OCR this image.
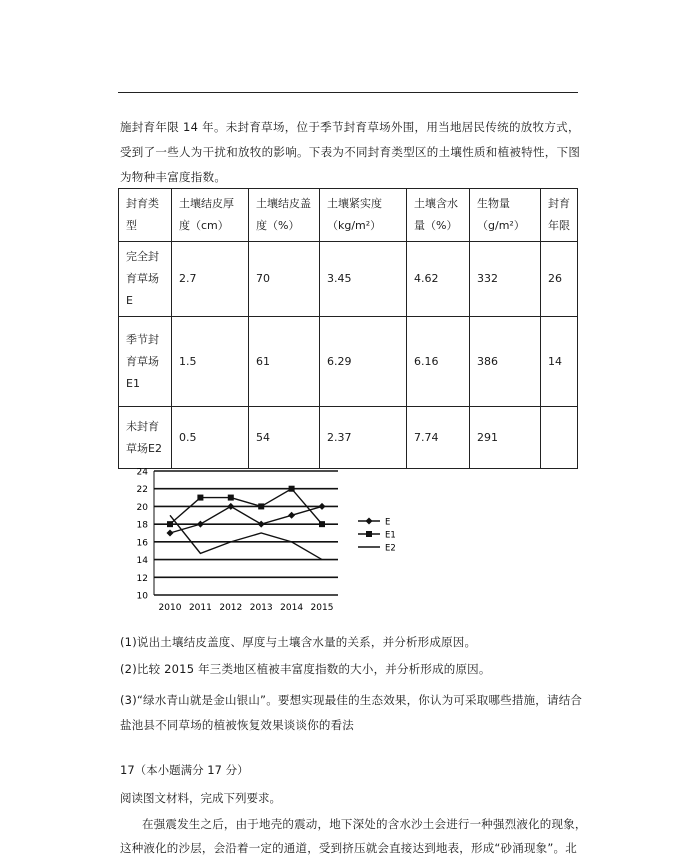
施封育年限 14 年。未封育草场，位于季节封育草场外围，用当地居民传统的放牧方式，受到了一些人为干扰和放牧的影响。下表为不同封育类型区的土壤性质和植被特性，下图为物种丰富度指数。
封育类型	土壤结皮厚度（cm）	土壤结皮盖度（%）	土壤紧实度（kg/m²）	土壤含水量（%）	生物量（g/m²）	封育年限
完全封育草场E	2.7	70	3.45	4.62	332	26
季节封育草场E1	1.5	61	6.29	6.16	386	14
未封育草场E2	0.5	54	2.37	7.74	291	
10
12
14
16
18
20
22
24
2010 2011 2012 2013 2014 2015
E
E1
E2
(1)说出土壤结皮盖度、厚度与土壤含水量的关系，并分析形成原因。
(2)比较 2015 年三类地区植被丰富度指数的大小，并分析形成的原因。
(3)“绿水青山就是金山银山”。要想实现最佳的生态效果，你认为可采取哪些措施，请结合盐池县不同草场的植被恢复效果谈谈你的看法
17（本小题满分 17 分）
阅读图文材料，完成下列要求。
在强震发生之后，由于地壳的震动，地下深处的含水沙土会进行一种强烈液化的现象，这种液化的沙层，会沿着一定的通道，受到挤压就会直接达到地表，形成“砂涌现象”。北
